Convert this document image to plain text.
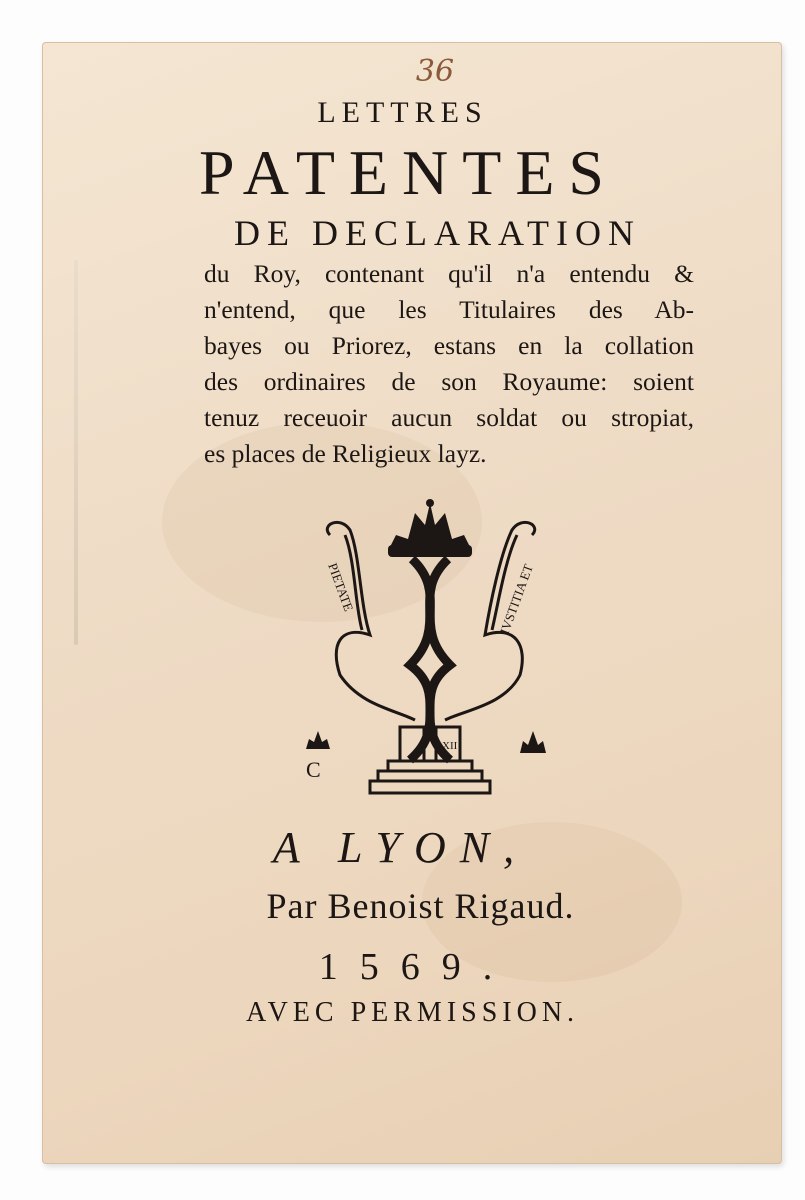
36
LETTRES
PATENTES
DE DECLARATION
du Roy, contenant qu'il n'a entendu &
n'entend, que les Titulaires des Ab-
bayes ou Priorez, estans en la collation
des ordinaires de son Royaume: soient
tenuz receuoir aucun soldat ou stropiat,
es places de Religieux layz.
PIETATE	IVSTITIA ET
XII
C
A LYON,
Par Benoist Rigaud.
1569.
AVEC PERMISSION.
